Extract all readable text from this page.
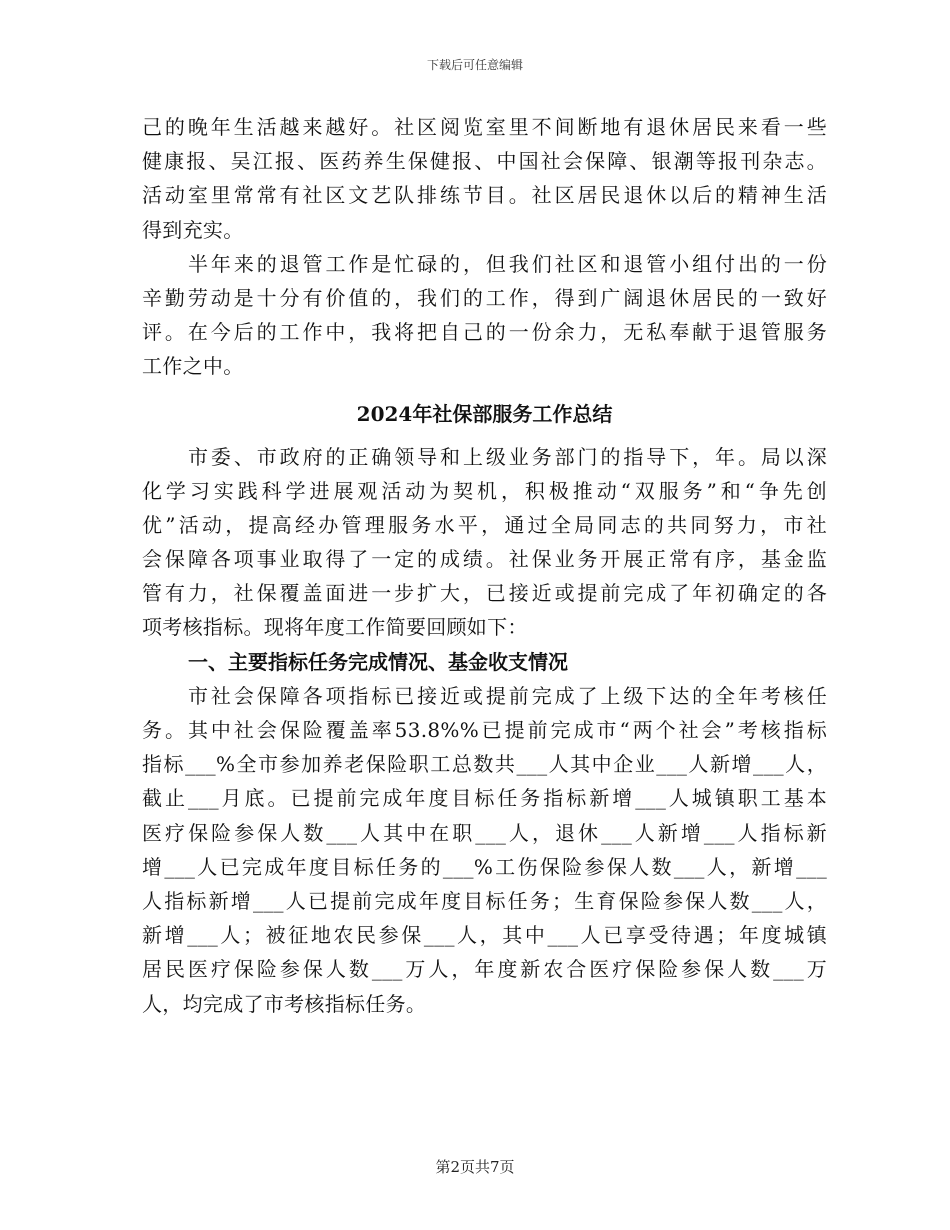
下载后可任意编辑
己的晚年生活越来越好。社区阅览室里不间断地有退休居民来看一些
健康报、吴江报、医药养生保健报、中国社会保障、银潮等报刊杂志。
活动室里常常有社区文艺队排练节目。社区居民退休以后的精神生活
得到充实。
半年来的退管工作是忙碌的，但我们社区和退管小组付出的一份
辛勤劳动是十分有价值的，我们的工作，得到广阔退休居民的一致好
评。在今后的工作中，我将把自己的一份余力，无私奉献于退管服务
工作之中。
2024年社保部服务工作总结
市委、市政府的正确领导和上级业务部门的指导下，年。局以深
化学习实践科学进展观活动为契机，积极推动“双服务”和“争先创
优”活动，提高经办管理服务水平，通过全局同志的共同努力，市社
会保障各项事业取得了一定的成绩。社保业务开展正常有序，基金监
管有力，社保覆盖面进一步扩大，已接近或提前完成了年初确定的各
项考核指标。现将年度工作简要回顾如下：
一、主要指标任务完成情况、基金收支情况
市社会保障各项指标已接近或提前完成了上级下达的全年考核任
务。其中社会保险覆盖率53.8%%已提前完成市“两个社会”考核指标
指标___%全市参加养老保险职工总数共___人其中企业___人新增___人，
截止___月底。已提前完成年度目标任务指标新增___人城镇职工基本
医疗保险参保人数___人其中在职___人，退休___人新增___人指标新
增___人已完成年度目标任务的___%工伤保险参保人数___人，新增___
人指标新增___人已提前完成年度目标任务；生育保险参保人数___人，
新增___人；被征地农民参保___人，其中___人已享受待遇；年度城镇
居民医疗保险参保人数___万人，年度新农合医疗保险参保人数___万
人，均完成了市考核指标任务。
第2页共7页
